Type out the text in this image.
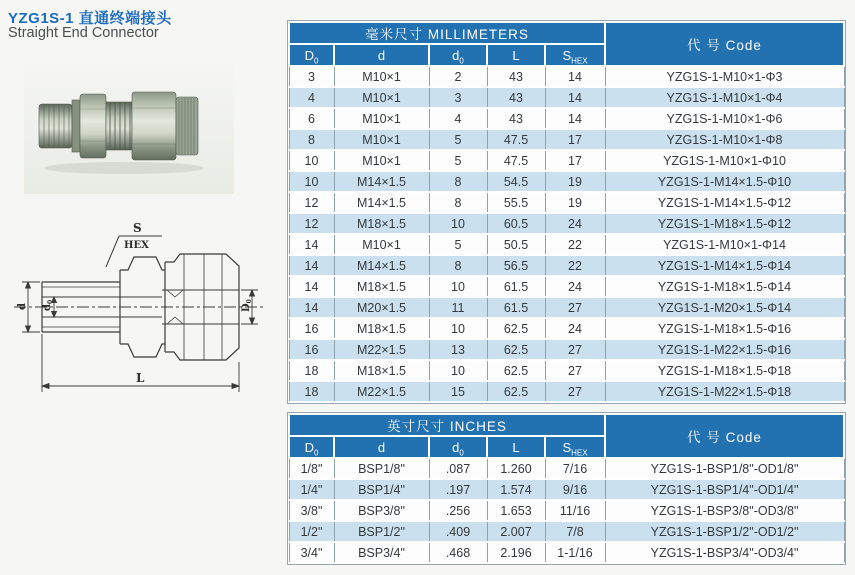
YZG1S-1 直通终端接头
Straight End Connector
S
HEX
d $d_0$
$D_0$
L
毫米尺寸 MILLIMETERS					代 号 Code
$D_0$	d	$d_0$	L	$S_{HEX}$
3	M10×1	2	43	14	YZG1S-1-M10×1-Φ3
4	M10×1	3	43	14	YZG1S-1-M10×1-Φ4
6	M10×1	4	43	14	YZG1S-1-M10×1-Φ6
8	M10×1	5	47.5	17	YZG1S-1-M10×1-Φ8
10	M10×1	5	47.5	17	YZG1S-1-M10×1-Φ10
10	M14×1.5	8	54.5	19	YZG1S-1-M14×1.5-Φ10
12	M14×1.5	8	55.5	19	YZG1S-1-M14×1.5-Φ12
12	M18×1.5	10	60.5	24	YZG1S-1-M18×1.5-Φ12
14	M10×1	5	50.5	22	YZG1S-1-M10×1-Φ14
14	M14×1.5	8	56.5	22	YZG1S-1-M14×1.5-Φ14
14	M18×1.5	10	61.5	24	YZG1S-1-M18×1.5-Φ14
14	M20×1.5	11	61.5	27	YZG1S-1-M20×1.5-Φ14
16	M18×1.5	10	62.5	24	YZG1S-1-M18×1.5-Φ16
16	M22×1.5	13	62.5	27	YZG1S-1-M22×1.5-Φ16
18	M18×1.5	10	62.5	27	YZG1S-1-M18×1.5-Φ18
18	M22×1.5	15	62.5	27	YZG1S-1-M22×1.5-Φ18
英寸尺寸 INCHES					代 号 Code
$D_0$	d	$d_0$	L	$S_{HEX}$
1/8"	BSP1/8"	.087	1.260	7/16	YZG1S-1-BSP1/8"-OD1/8"
1/4"	BSP1/4"	.197	1.574	9/16	YZG1S-1-BSP1/4"-OD1/4"
3/8"	BSP3/8"	.256	1.653	11/16	YZG1S-1-BSP3/8"-OD3/8"
1/2"	BSP1/2"	.409	2.007	7/8	YZG1S-1-BSP1/2"-OD1/2"
3/4"	BSP3/4"	.468	2.196	1-1/16	YZG1S-1-BSP3/4"-OD3/4"
